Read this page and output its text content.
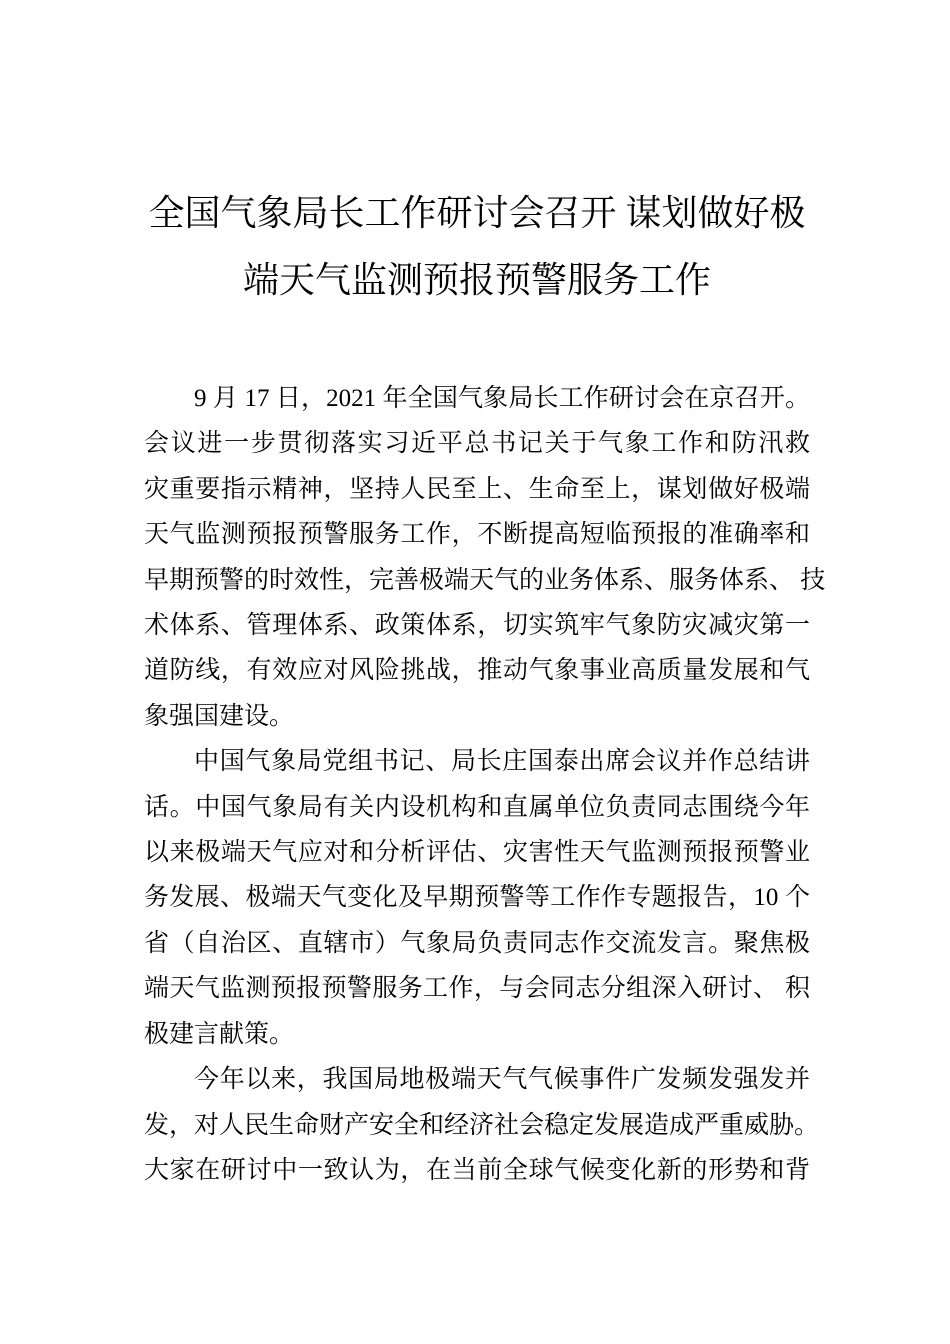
全国气象局长工作研讨会召开 谋划做好极
端天气监测预报预警服务工作
9 月 17 日，2021 年全国气象局长工作研讨会在京召开。
会议进一步贯彻落实习近平总书记关于气象工作和防汛救
灾重要指示精神，坚持人民至上、生命至上，谋划做好极端
天气监测预报预警服务工作，不断提高短临预报的准确率和
早期预警的时效性，完善极端天气的业务体系、服务体系、 技
术体系、管理体系、政策体系，切实筑牢气象防灾减灾第一
道防线，有效应对风险挑战，推动气象事业高质量发展和气
象强国建设。
中国气象局党组书记、局长庄国泰出席会议并作总结讲
话。中国气象局有关内设机构和直属单位负责同志围绕今年
以来极端天气应对和分析评估、灾害性天气监测预报预警业
务发展、极端天气变化及早期预警等工作作专题报告，10 个
省（自治区、直辖市）气象局负责同志作交流发言。聚焦极
端天气监测预报预警服务工作，与会同志分组深入研讨、 积
极建言献策。
今年以来，我国局地极端天气气候事件广发频发强发并
发，对人民生命财产安全和经济社会稳定发展造成严重威胁。
大家在研讨中一致认为，在当前全球气候变化新的形势和背
